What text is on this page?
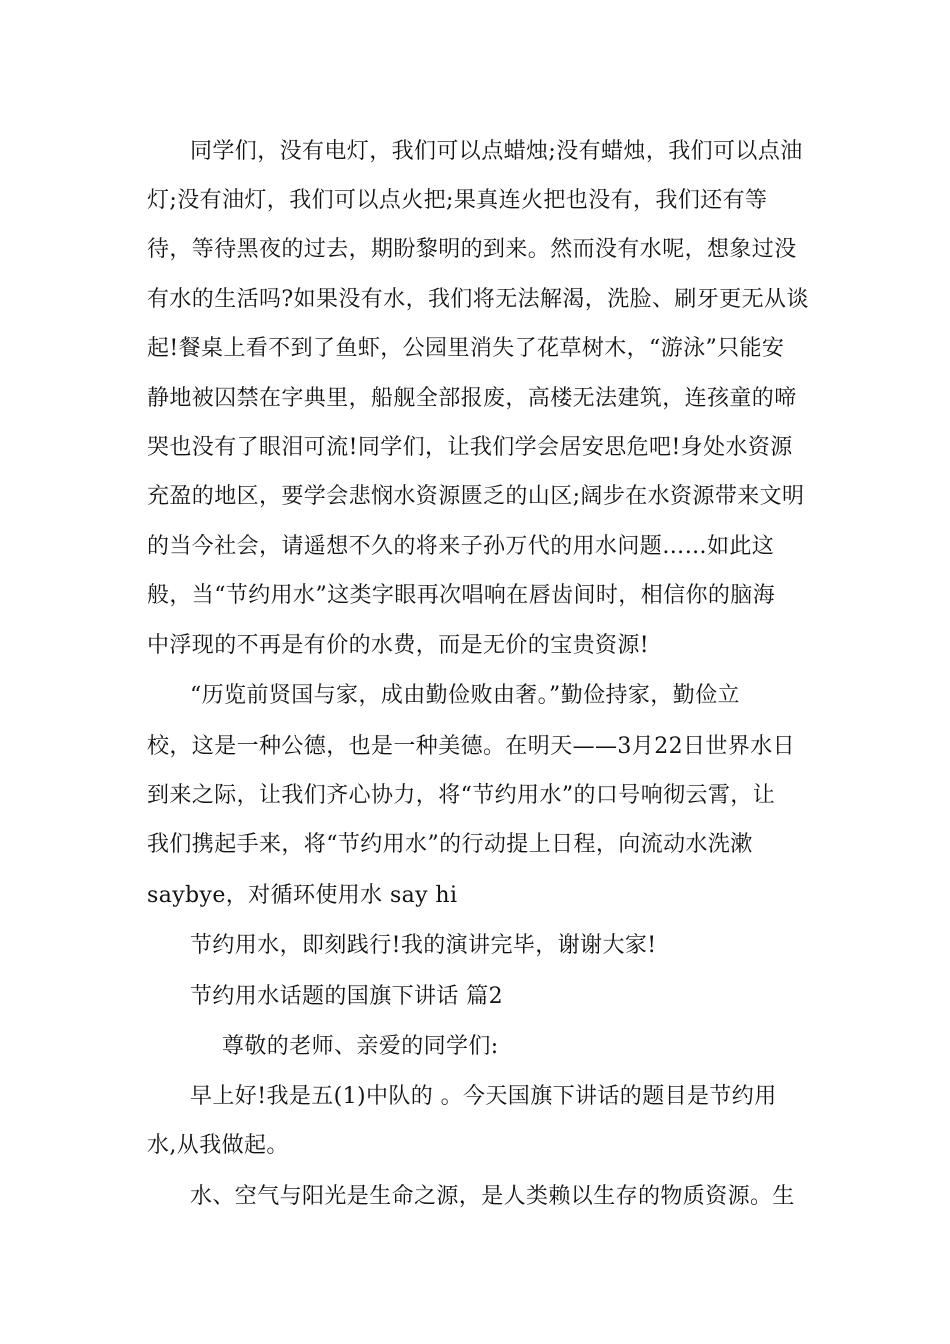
同学们，没有电灯，我们可以点蜡烛;没有蜡烛，我们可以点油
灯;没有油灯，我们可以点火把;果真连火把也没有，我们还有等
待，等待黑夜的过去，期盼黎明的到来。然而没有水呢，想象过没
有水的生活吗?如果没有水，我们将无法解渴，洗脸、刷牙更无从谈
起!餐桌上看不到了鱼虾，公园里消失了花草树木，“游泳”只能安
静地被囚禁在字典里，船舰全部报废，高楼无法建筑，连孩童的啼
哭也没有了眼泪可流!同学们，让我们学会居安思危吧!身处水资源
充盈的地区，要学会悲悯水资源匮乏的山区;阔步在水资源带来文明
的当今社会，请遥想不久的将来子孙万代的用水问题……如此这
般，当“节约用水”这类字眼再次唱响在唇齿间时，相信你的脑海
中浮现的不再是有价的水费，而是无价的宝贵资源!
“历览前贤国与家，成由勤俭败由奢。”勤俭持家，勤俭立
校，这是一种公德，也是一种美德。在明天——3月22日世界水日
到来之际，让我们齐心协力，将“节约用水”的口号响彻云霄，让
我们携起手来，将“节约用水”的行动提上日程，向流动水洗漱
saybye，对循环使用水 say hi
节约用水，即刻践行!我的演讲完毕，谢谢大家!
节约用水话题的国旗下讲话 篇2
尊敬的老师、亲爱的同学们:
早上好!我是五(1)中队的 。今天国旗下讲话的题目是节约用
水,从我做起。
水、空气与阳光是生命之源，是人类赖以生存的物质资源。生
